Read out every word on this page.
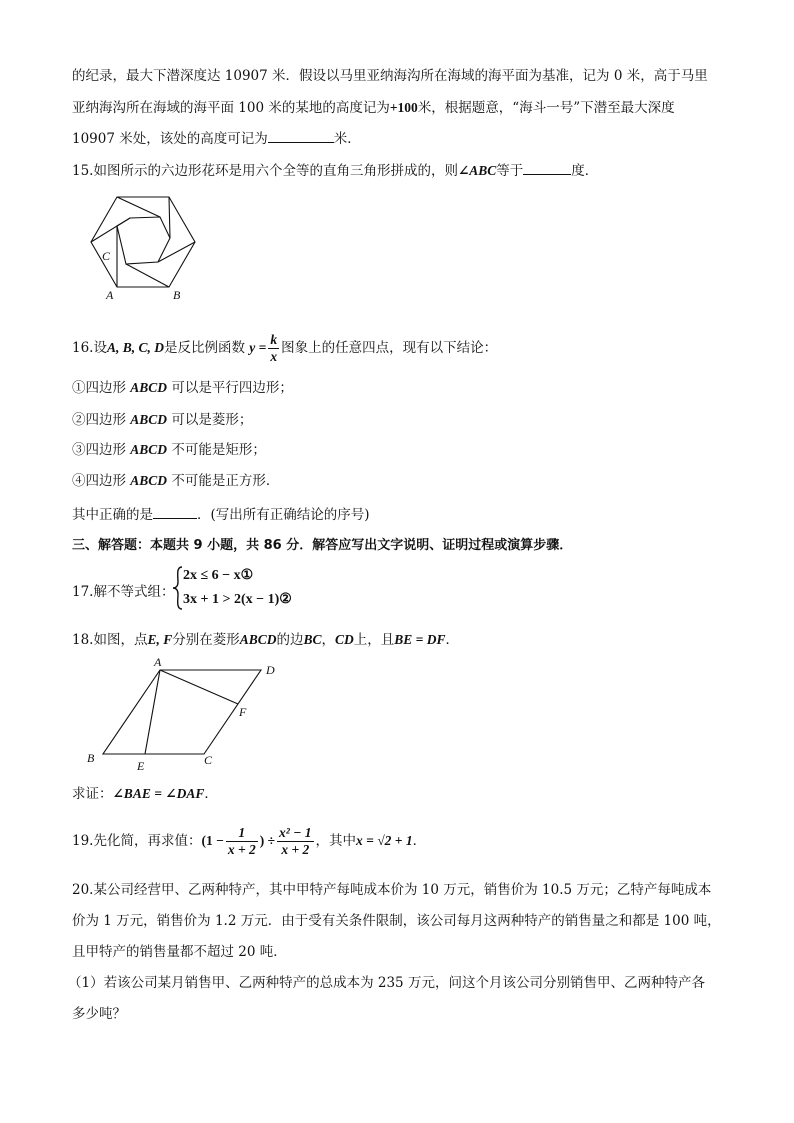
的纪录，最大下潜深度达 10907 米．假设以马里亚纳海沟所在海域的海平面为基准，记为 0 米，高于马里
亚纳海沟所在海域的海平面 100 米的某地的高度记为+100米，根据题意，“海斗一号”下潜至最大深度
10907 米处，该处的高度可记为	米．
15.如图所示的六边形花环是用六个全等的直角三角形拼成的，则∠ABC等于	度．
C
A	B
16.设A, B, C, D是反比例函数 $y = \frac{k}{x}$ 图象上的任意四点，现有以下结论：
①四边形 ABCD 可以是平行四边形；
②四边形 ABCD 可以是菱形；
③四边形 ABCD 不可能是矩形；
④四边形 ABCD 不可能是正方形．
其中正确的是	．(写出所有正确结论的序号)
三、解答题：本题共 9 小题，共 86 分．解答应写出文字说明、证明过程或演算步骤．
17.解不等式组：
2x ≤ 6 − x①
3x + 1 > 2(x − 1)②
18.如图，点E, F分别在菱形ABCD的边BC，CD上，且BE = DF．
A
D
F
B
E	C
求证：∠BAE = ∠DAF．
19.先化简，再求值：($1 - \frac{1}{x + 2}$ ) ÷ $\frac{\text{x² − 1}}{x + 2}$ ，其中x = √2 + 1．
20.某公司经营甲、乙两种特产，其中甲特产每吨成本价为 10 万元，销售价为 10.5 万元；乙特产每吨成本
价为 1 万元，销售价为 1.2 万元．由于受有关条件限制，该公司每月这两种特产的销售量之和都是 100 吨，
且甲特产的销售量都不超过 20 吨．
（1）若该公司某月销售甲、乙两种特产的总成本为 235 万元，问这个月该公司分别销售甲、乙两种特产各
多少吨？
